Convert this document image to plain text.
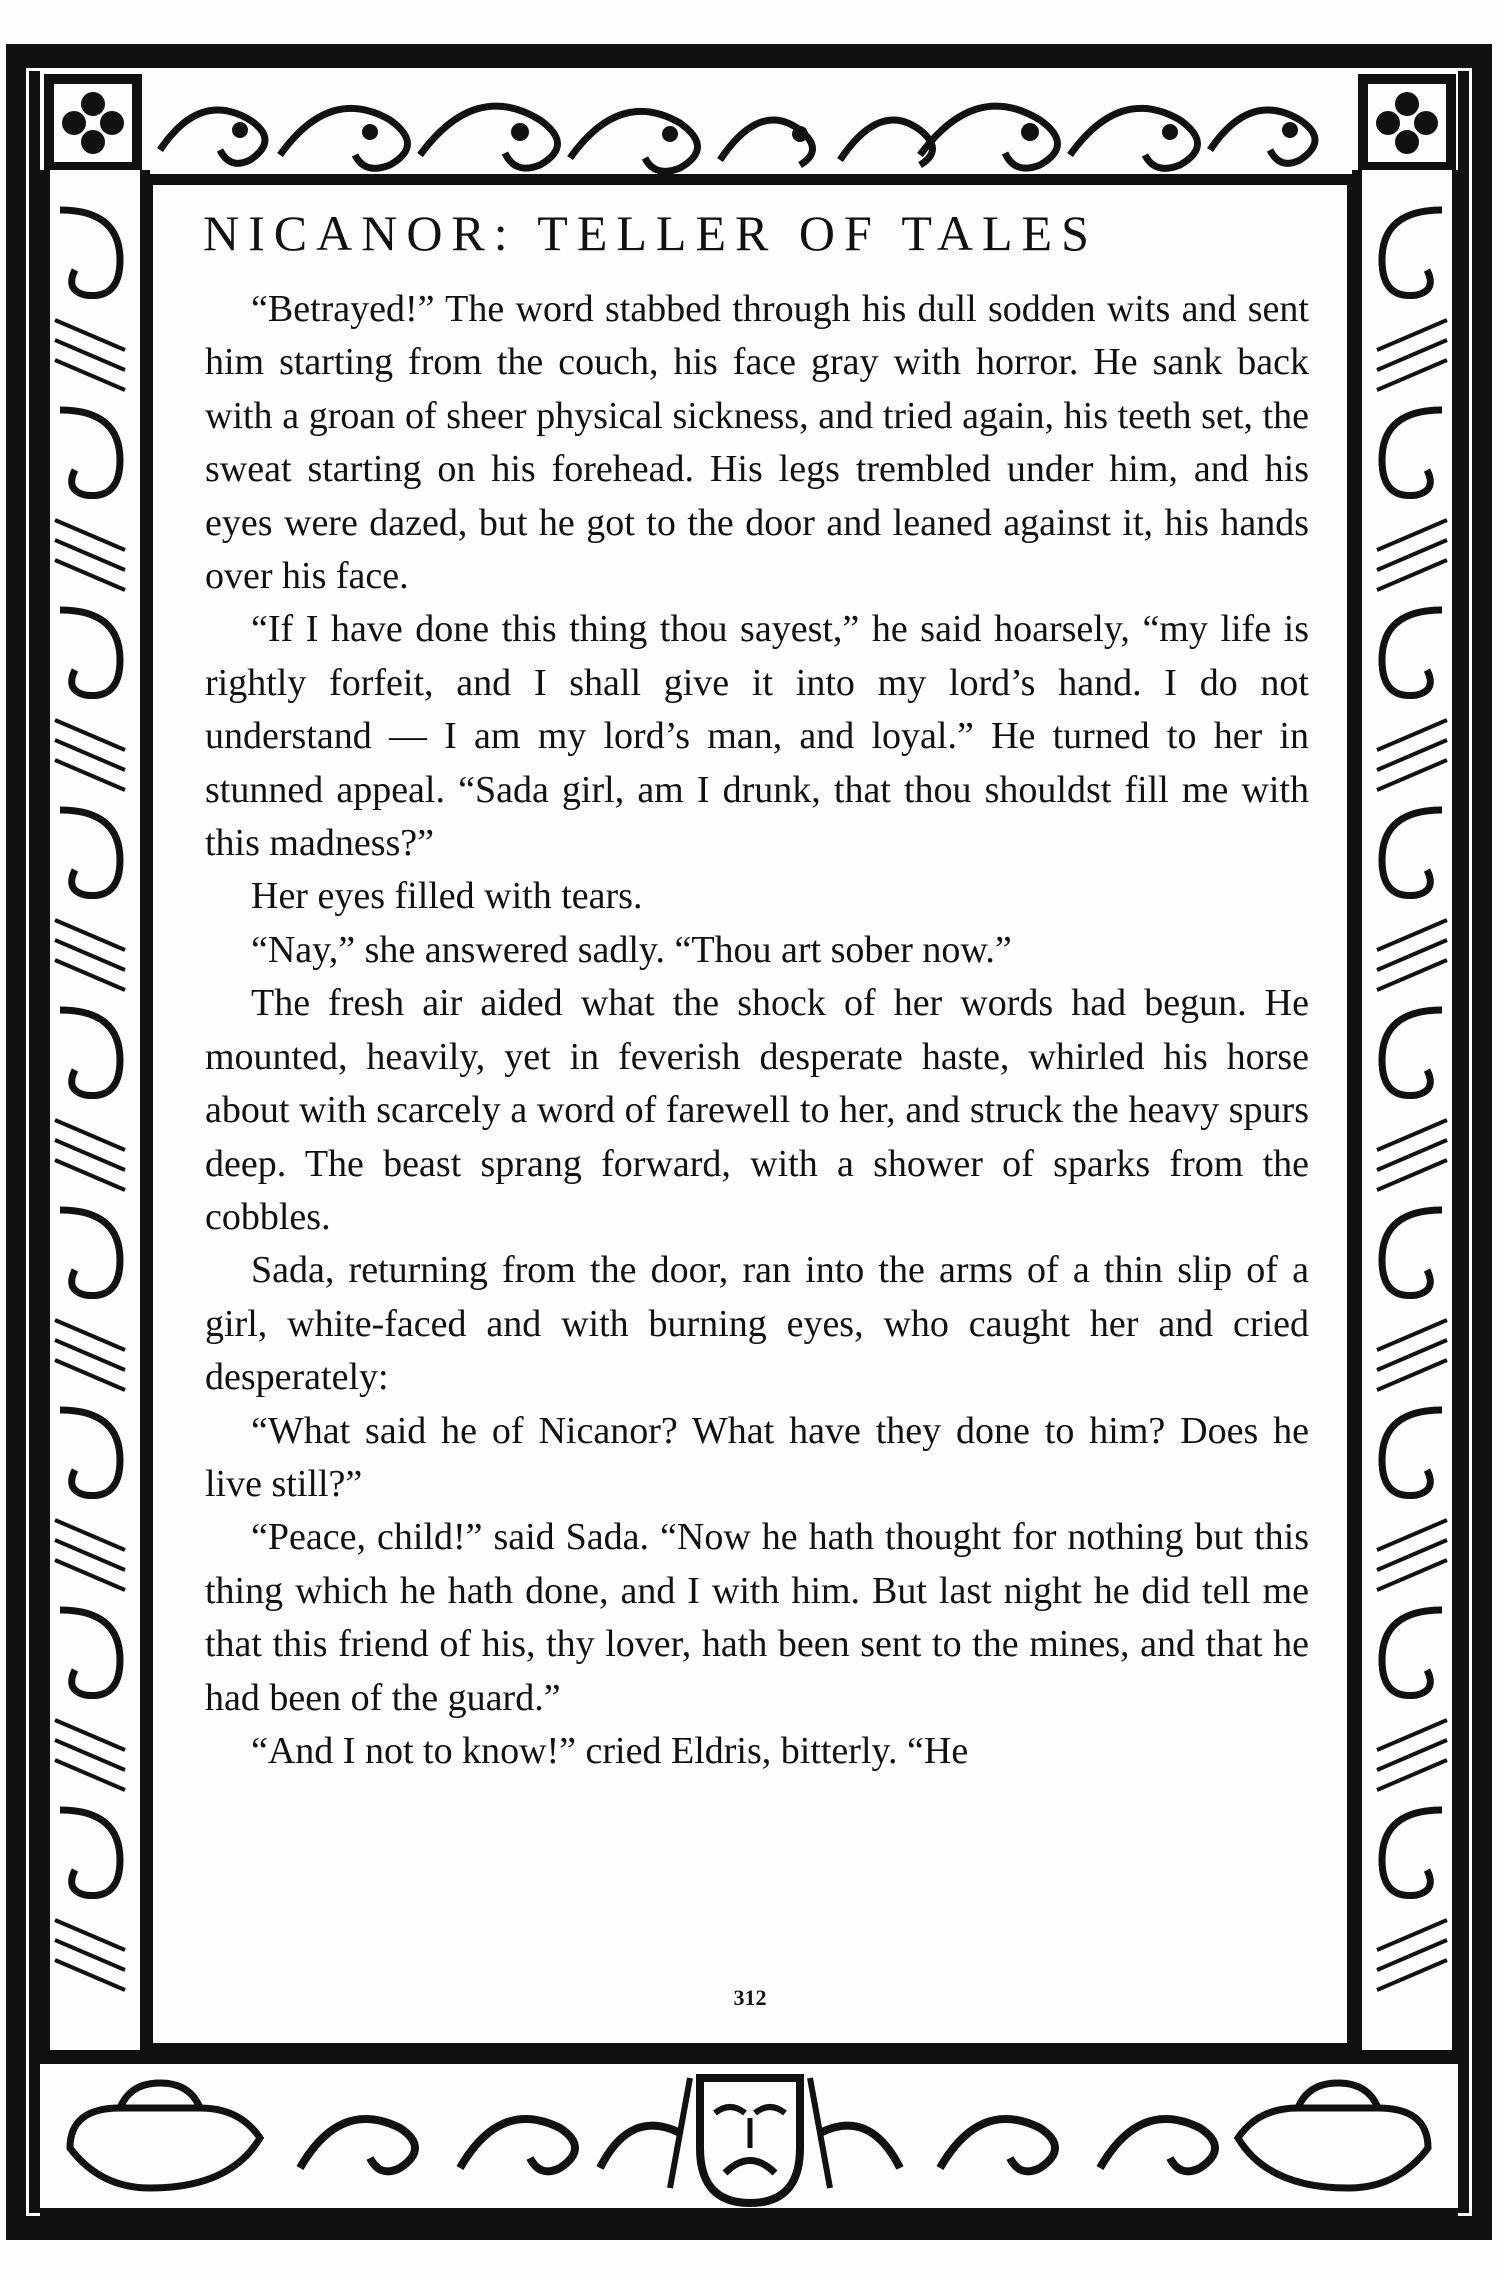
NICANOR: TELLER OF TALES

“Betrayed!” The word stabbed through his dull sodden wits and sent him starting from the couch, his face gray with horror. He sank back with a groan of sheer physical sickness, and tried again, his teeth set, the sweat starting on his forehead. His legs trembled under him, and his eyes were dazed, but he got to the door and leaned against it, his hands over his face.

“If I have done this thing thou sayest,” he said hoarsely, “my life is rightly forfeit, and I shall give it into my lord’s hand. I do not understand — I am my lord’s man, and loyal.” He turned to her in stunned appeal. “Sada girl, am I drunk, that thou shouldst fill me with this madness?”

Her eyes filled with tears.

“Nay,” she answered sadly. “Thou art sober now.”

The fresh air aided what the shock of her words had begun. He mounted, heavily, yet in feverish desperate haste, whirled his horse about with scarcely a word of farewell to her, and struck the heavy spurs deep. The beast sprang forward, with a shower of sparks from the cobbles.

Sada, returning from the door, ran into the arms of a thin slip of a girl, white-faced and with burning eyes, who caught her and cried desperately:

“What said he of Nicanor? What have they done to him? Does he live still?”

“Peace, child!” said Sada. “Now he hath thought for nothing but this thing which he hath done, and I with him. But last night he did tell me that this friend of his, thy lover, hath been sent to the mines, and that he had been of the guard.”

“And I not to know!” cried Eldris, bitterly. “He

312
